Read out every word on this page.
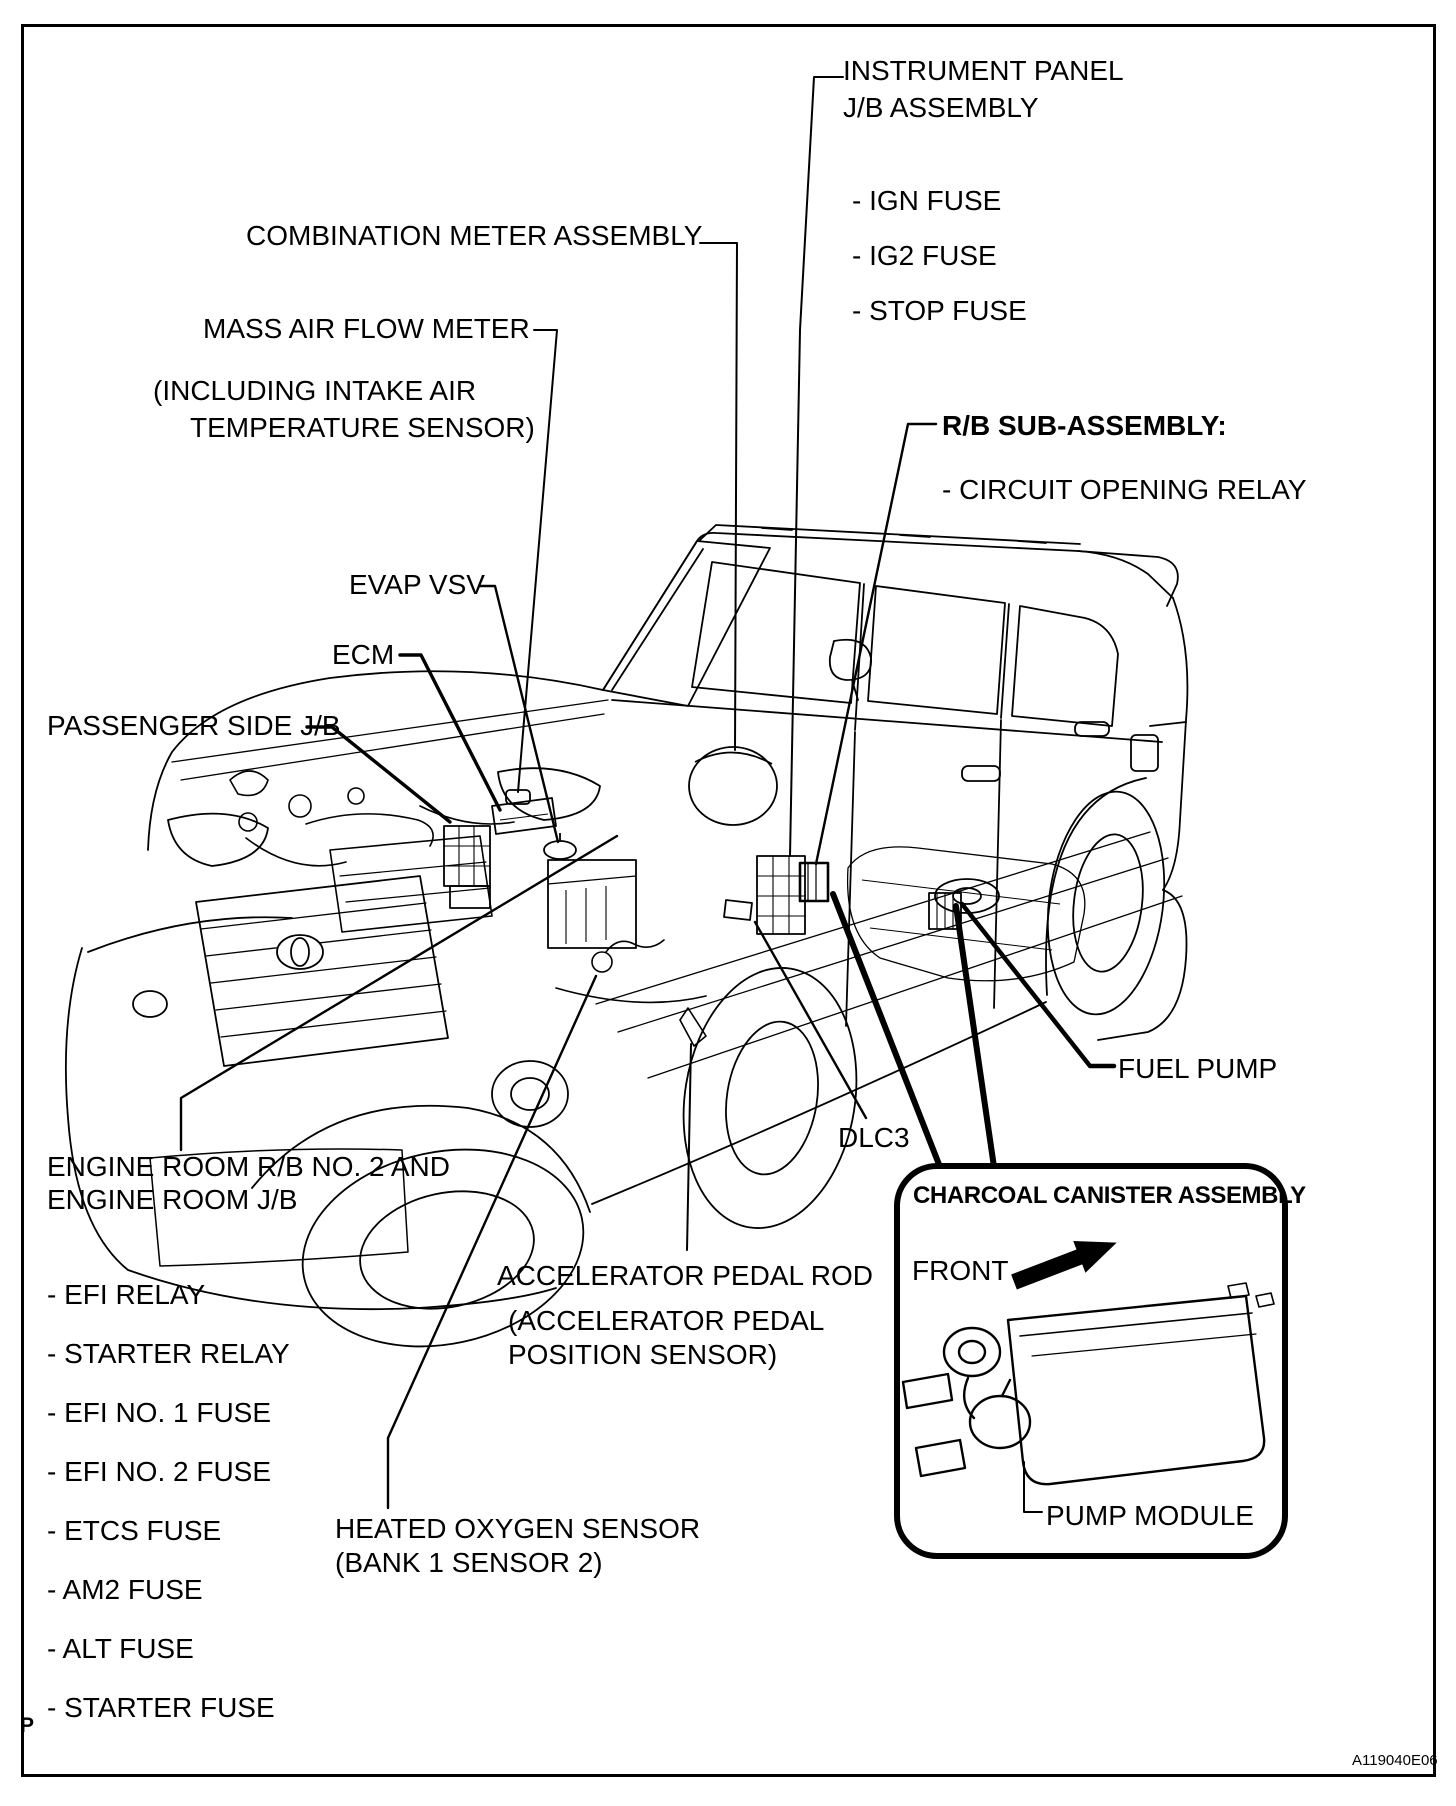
INSTRUMENT PANEL
J/B ASSEMBLY
- IGN FUSE
- IG2 FUSE
- STOP FUSE
COMBINATION METER ASSEMBLY
MASS AIR FLOW METER
(INCLUDING INTAKE AIR
TEMPERATURE SENSOR)	R/B SUB-ASSEMBLY:
- CIRCUIT OPENING RELAY
EVAP VSV
ECM
PASSENGER SIDE J/B
ENGINE ROOM R/B NO. 2 AND
ENGINE ROOM J/B
- EFI RELAY
- STARTER RELAY
- EFI NO. 1 FUSE
- EFI NO. 2 FUSE
- ETCS FUSE
- AM2 FUSE
- ALT FUSE
- STARTER FUSE
ACCELERATOR PEDAL ROD
(ACCELERATOR PEDAL
POSITION SENSOR)
HEATED OXYGEN SENSOR
(BANK 1 SENSOR 2)
DLC3
FUEL PUMP
CHARCOAL CANISTER ASSEMBLY
FRONT
PUMP MODULE
A119040E06
P
